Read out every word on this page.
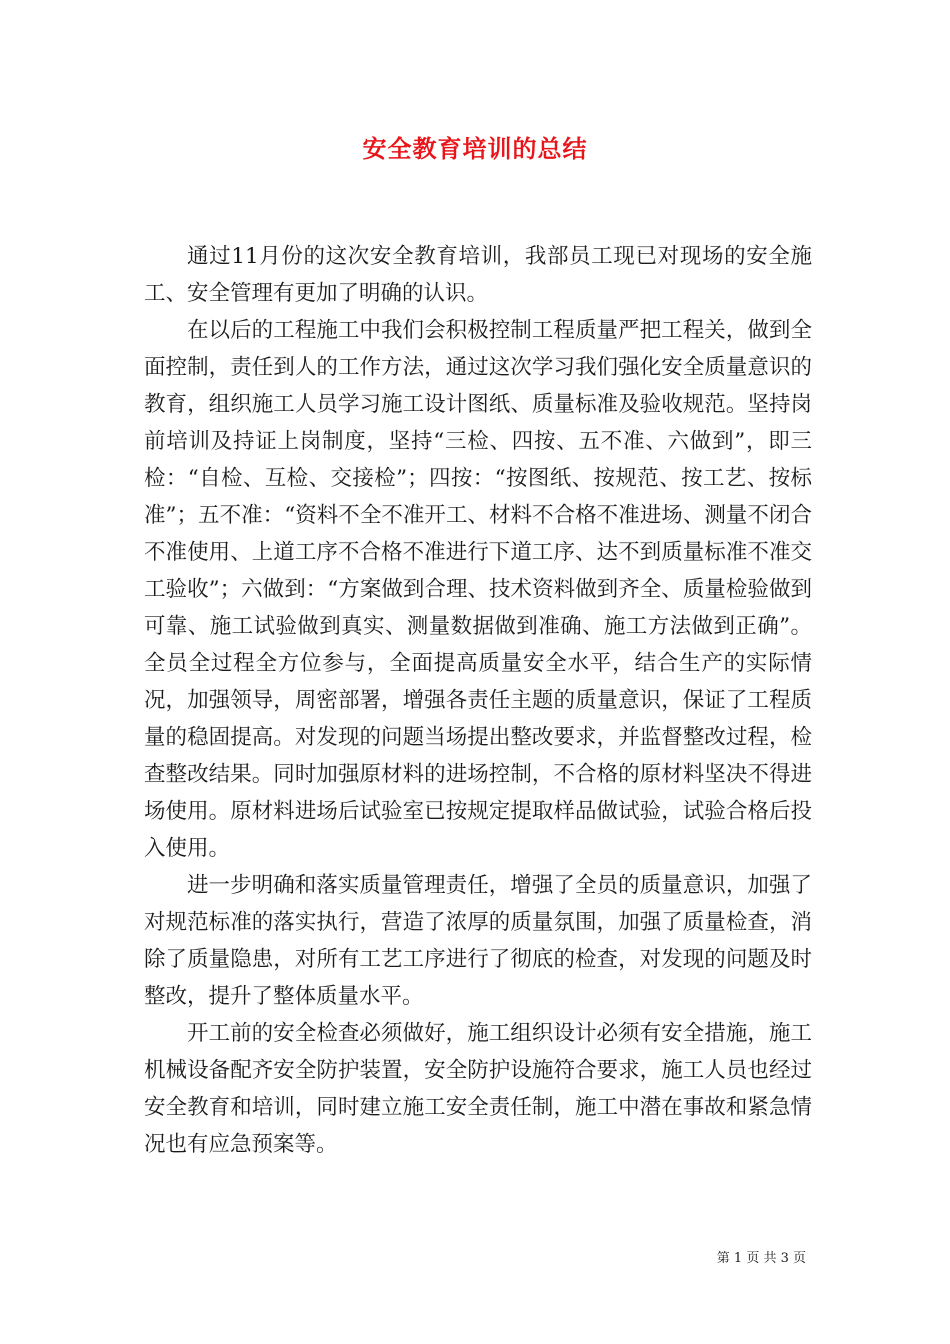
安全教育培训的总结

通过11月份的这次安全教育培训，我部员工现已对现场的安全施工、安全管理有更加了明确的认识。

在以后的工程施工中我们会积极控制工程质量严把工程关，做到全面控制，责任到人的工作方法，通过这次学习我们强化安全质量意识的教育，组织施工人员学习施工设计图纸、质量标准及验收规范。坚持岗前培训及持证上岗制度，坚持“三检、四按、五不准、六做到”，即三检：“自检、互检、交接检”；四按：“按图纸、按规范、按工艺、按标准”；五不准：“资料不全不准开工、材料不合格不准进场、测量不闭合不准使用、上道工序不合格不准进行下道工序、达不到质量标准不准交工验收”；六做到：“方案做到合理、技术资料做到齐全、质量检验做到可靠、施工试验做到真实、测量数据做到准确、施工方法做到正确”。全员全过程全方位参与，全面提高质量安全水平，结合生产的实际情况，加强领导，周密部署，增强各责任主题的质量意识，保证了工程质量的稳固提高。对发现的问题当场提出整改要求，并监督整改过程，检查整改结果。同时加强原材料的进场控制，不合格的原材料坚决不得进场使用。原材料进场后试验室已按规定提取样品做试验，试验合格后投入使用。

进一步明确和落实质量管理责任，增强了全员的质量意识，加强了对规范标准的落实执行，营造了浓厚的质量氛围，加强了质量检查，消除了质量隐患，对所有工艺工序进行了彻底的检查，对发现的问题及时整改，提升了整体质量水平。

开工前的安全检查必须做好，施工组织设计必须有安全措施，施工机械设备配齐安全防护装置，安全防护设施符合要求，施工人员也经过安全教育和培训，同时建立施工安全责任制，施工中潜在事故和紧急情况也有应急预案等。

第 1 页 共 3 页
